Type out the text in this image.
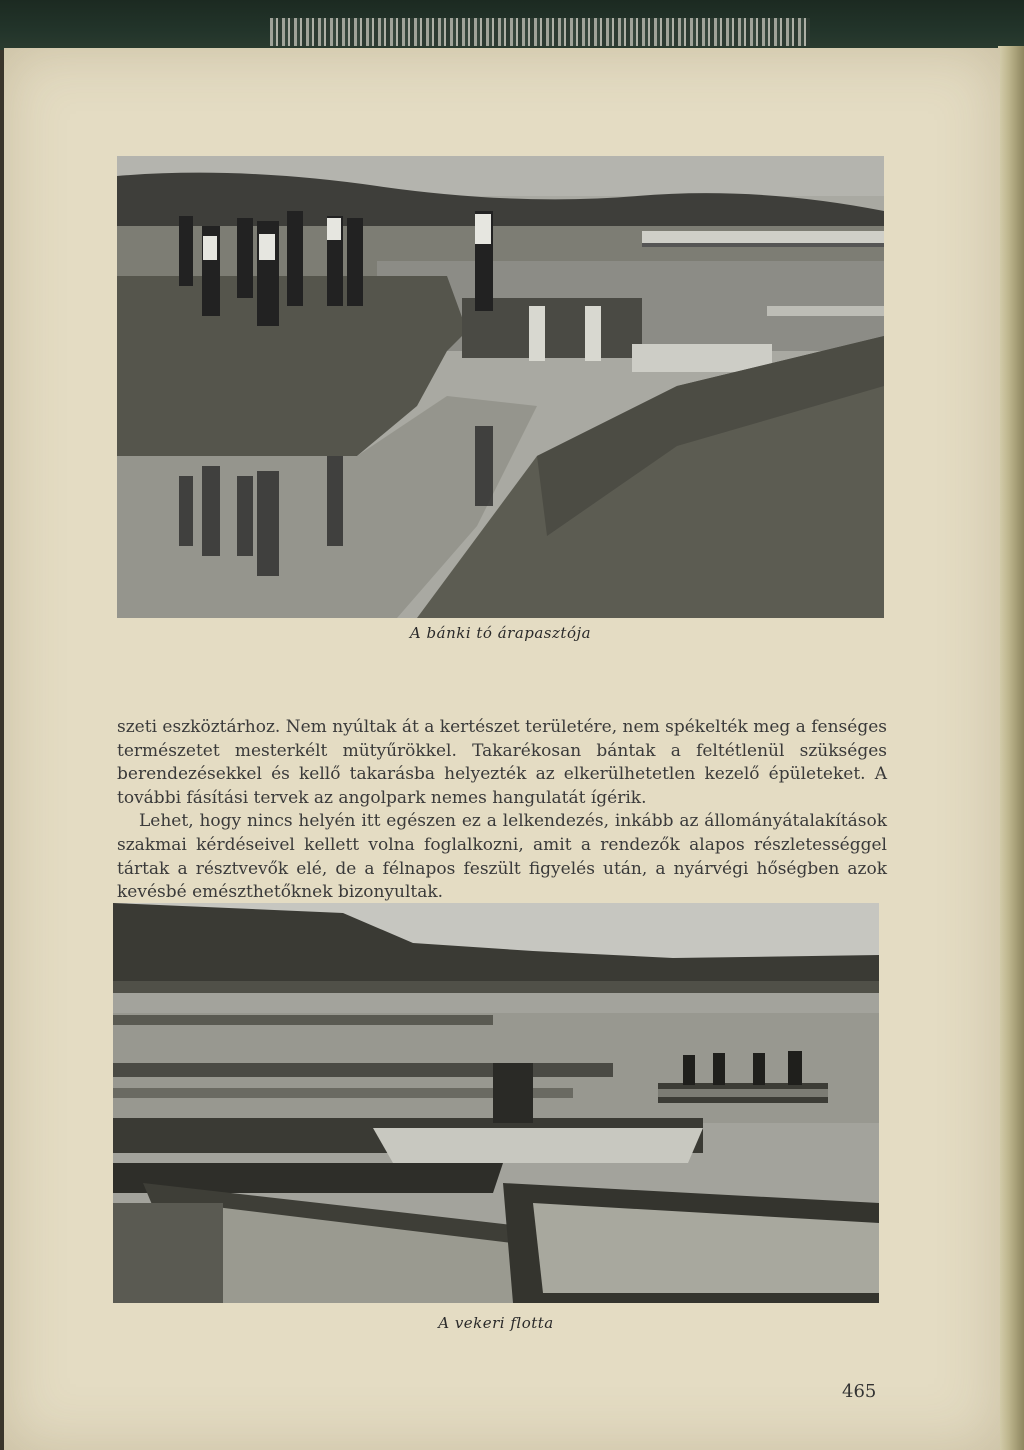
A bánki tó árapasztója

szeti eszköztárhoz. Nem nyúltak át a kertészet területére, nem spékelték meg a fenséges természetet mesterkélt mütyűrökkel. Takarékosan bántak a feltétlenül szükséges berendezésekkel és kellő takarásba helyezték az elkerülhetetlen kezelő épületeket. A további fásítási tervek az angolpark nemes hangulatát ígérik.

Lehet, hogy nincs helyén itt egészen ez a lelkendezés, inkább az állományátalakítások szakmai kérdéseivel kellett volna foglalkozni, amit a rendezők alapos részletességgel tártak a résztvevők elé, de a félnapos feszült figyelés után, a nyárvégi hőségben azok kevésbé emészthetőknek bizonyultak.

A vekeri flotta
465
